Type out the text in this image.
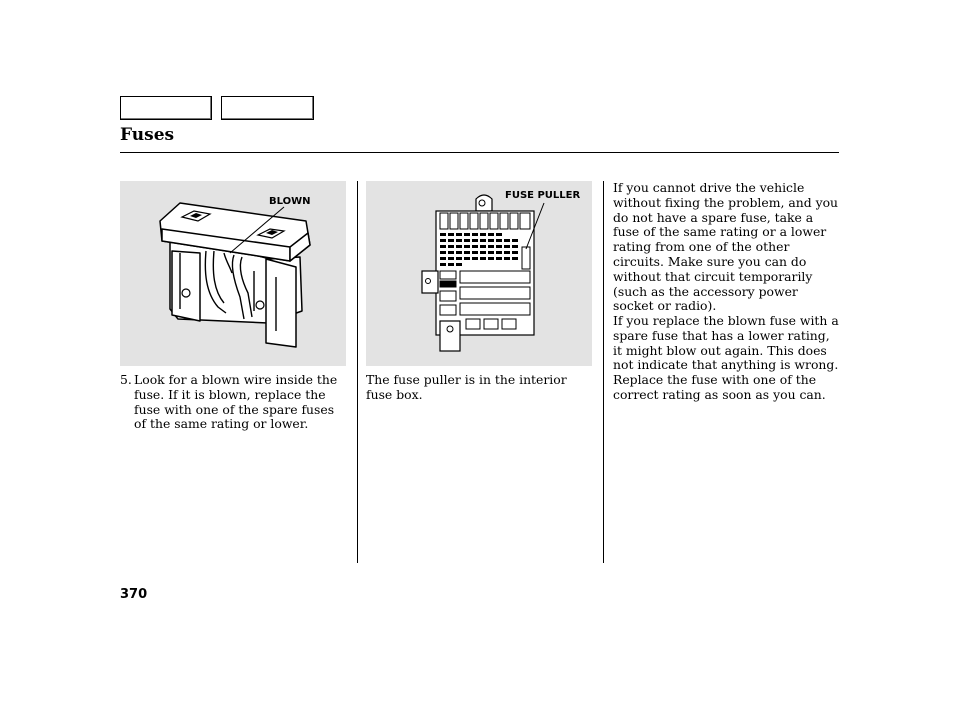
Fuses
BLOWN
FUSE PULLER

5. Look for a blown wire inside the fuse. If it is blown, replace the fuse with one of the spare fuses of the same rating or lower.

The fuse puller is in the interior fuse box.

If you cannot drive the vehicle without fixing the problem, and you do not have a spare fuse, take a fuse of the same rating or a lower rating from one of the other circuits. Make sure you can do without that circuit temporarily (such as the accessory power socket or radio).

If you replace the blown fuse with a spare fuse that has a lower rating, it might blow out again. This does not indicate that anything is wrong. Replace the fuse with one of the correct rating as soon as you can.

370
